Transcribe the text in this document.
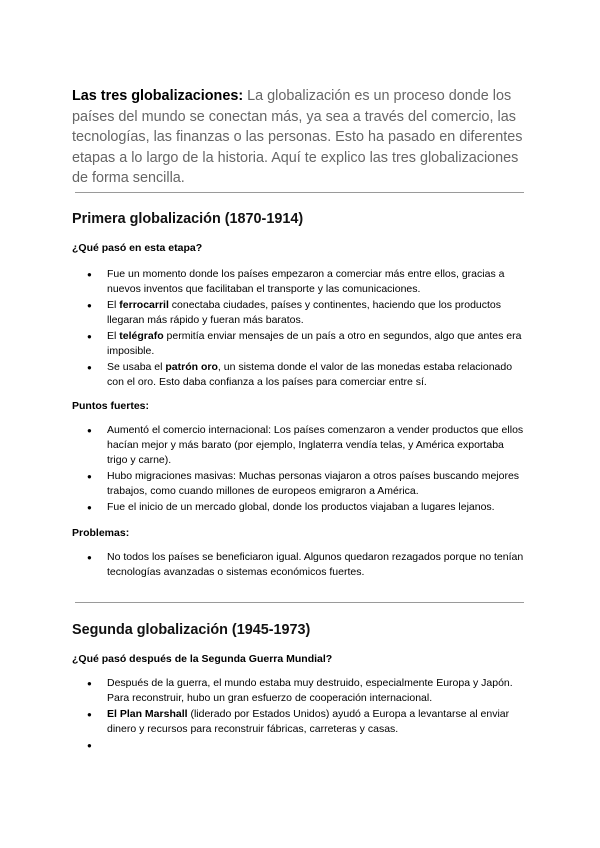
Las tres globalizaciones: La globalización es un proceso donde los países del mundo se conectan más, ya sea a través del comercio, las tecnologías, las finanzas o las personas. Esto ha pasado en diferentes etapas a lo largo de la historia. Aquí te explico las tres globalizaciones de forma sencilla.

Primera globalización (1870-1914)

¿Qué pasó en esta etapa?

● Fue un momento donde los países empezaron a comerciar más entre ellos, gracias a nuevos inventos que facilitaban el transporte y las comunicaciones.
● El ferrocarril conectaba ciudades, países y continentes, haciendo que los productos llegaran más rápido y fueran más baratos.
● El telégrafo permitía enviar mensajes de un país a otro en segundos, algo que antes era imposible.
● Se usaba el patrón oro, un sistema donde el valor de las monedas estaba relacionado con el oro. Esto daba confianza a los países para comerciar entre sí.

Puntos fuertes:

● Aumentó el comercio internacional: Los países comenzaron a vender productos que ellos hacían mejor y más barato (por ejemplo, Inglaterra vendía telas, y América exportaba trigo y carne).
● Hubo migraciones masivas: Muchas personas viajaron a otros países buscando mejores trabajos, como cuando millones de europeos emigraron a América.
● Fue el inicio de un mercado global, donde los productos viajaban a lugares lejanos.

Problemas:

● No todos los países se beneficiaron igual. Algunos quedaron rezagados porque no tenían tecnologías avanzadas o sistemas económicos fuertes.
Segunda globalización (1945-1973)

¿Qué pasó después de la Segunda Guerra Mundial?

● Después de la guerra, el mundo estaba muy destruido, especialmente Europa y Japón. Para reconstruir, hubo un gran esfuerzo de cooperación internacional.
● El Plan Marshall (liderado por Estados Unidos) ayudó a Europa a levantarse al enviar dinero y recursos para reconstruir fábricas, carreteras y casas.
●
